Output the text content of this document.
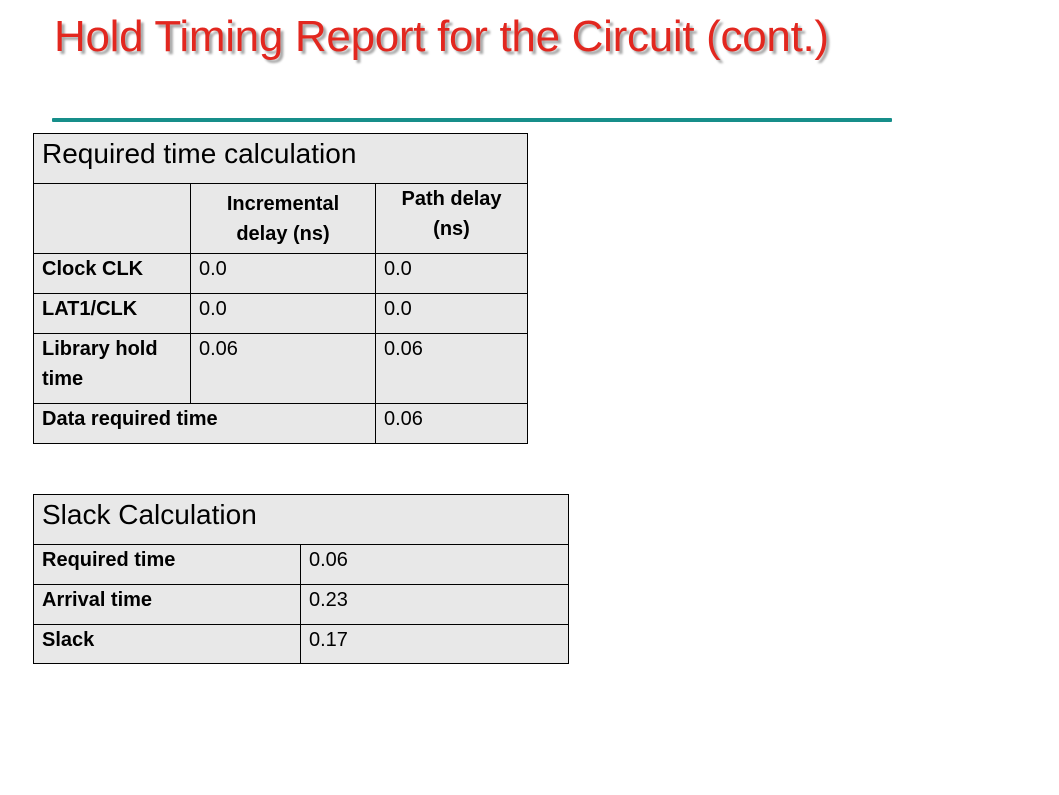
Hold Timing Report for the Circuit (cont.)
Required time calculation		
	Incremental delay (ns)	Path delay (ns)
Clock CLK	0.0	0.0
LAT1/CLK	0.0	0.0
Library hold time	0.06	0.06
Data required time		0.06
Slack Calculation	
Required time	0.06
Arrival time	0.23
Slack	0.17
